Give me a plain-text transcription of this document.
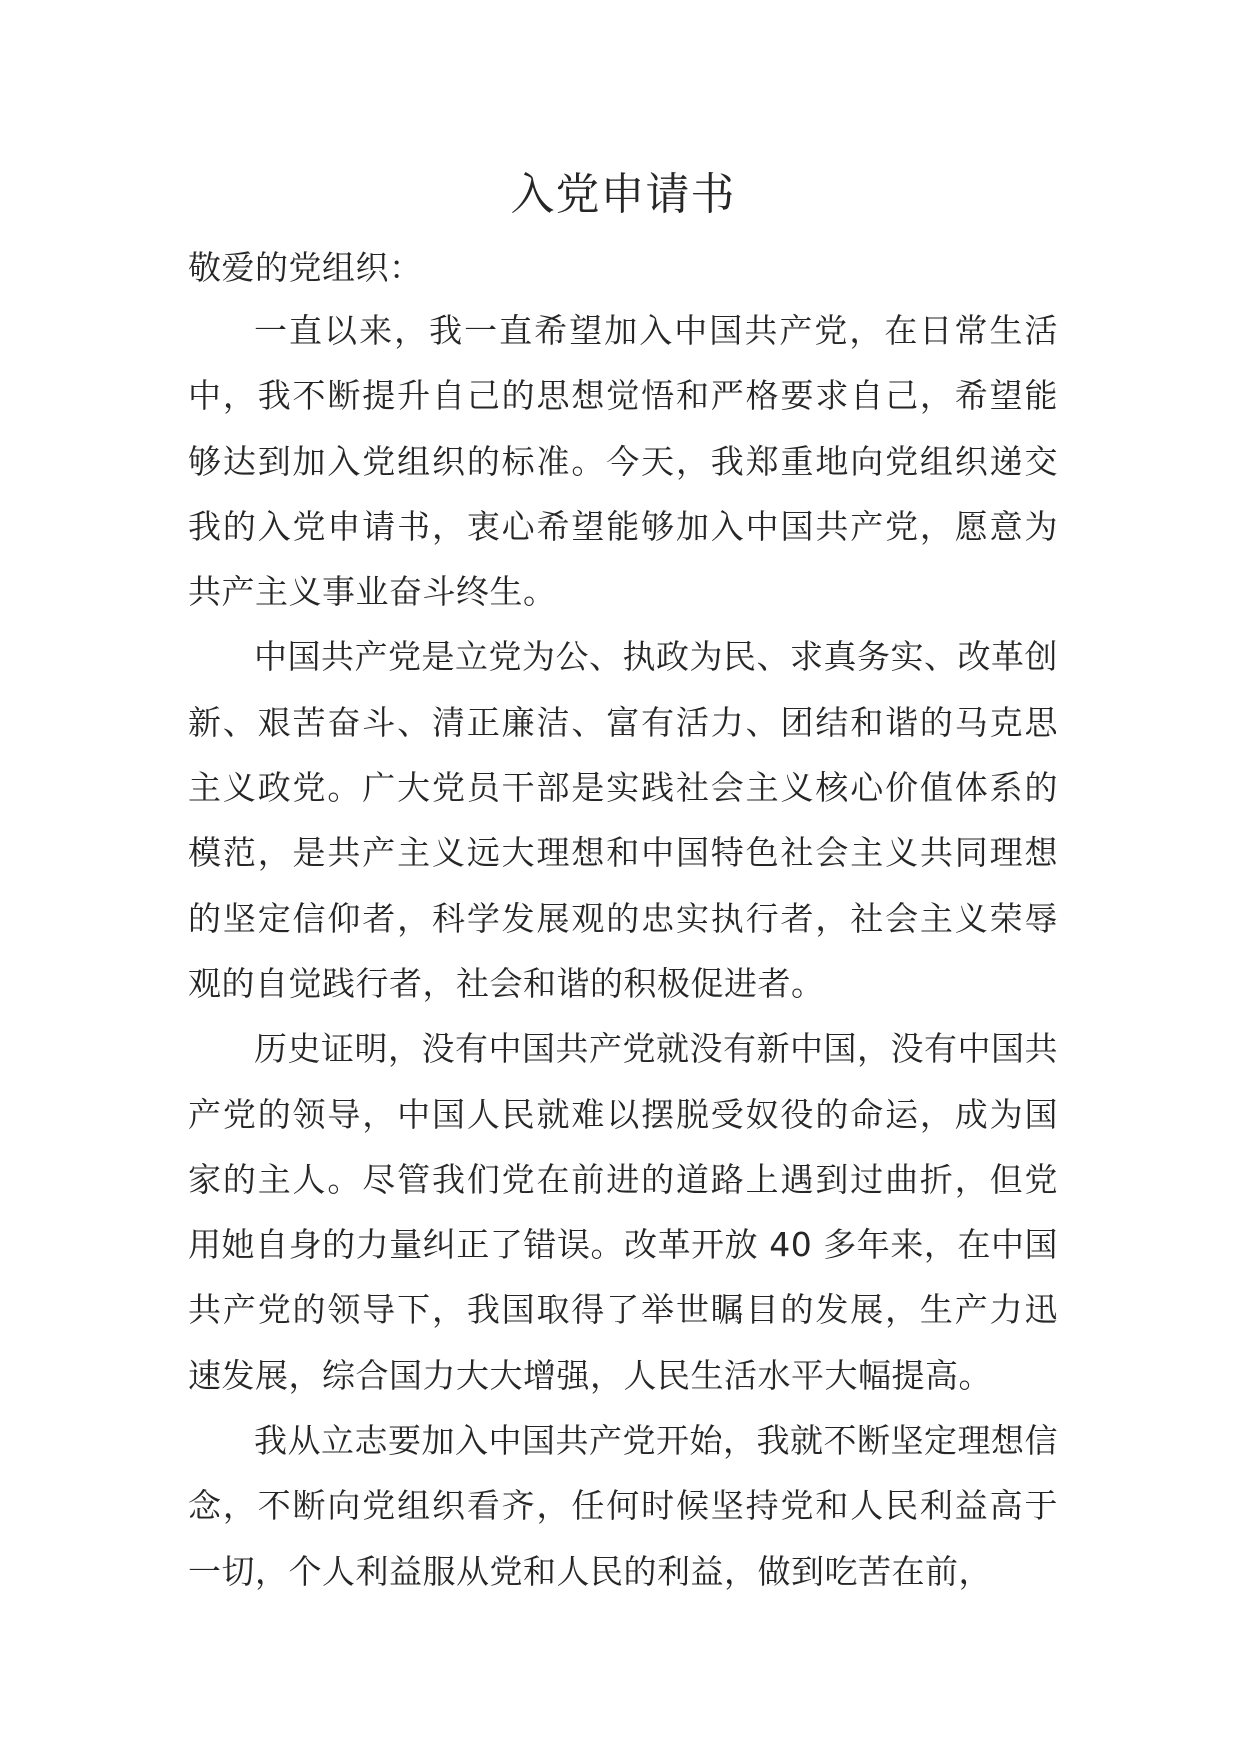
入党申请书

敬爱的党组织：

一直以来，我一直希望加入中国共产党，在日常生活中，我不断提升自己的思想觉悟和严格要求自己，希望能够达到加入党组织的标准。今天，我郑重地向党组织递交我的入党申请书，衷心希望能够加入中国共产党，愿意为共产主义事业奋斗终生。

中国共产党是立党为公、执政为民、求真务实、改革创新、艰苦奋斗、清正廉洁、富有活力、团结和谐的马克思主义政党。广大党员干部是实践社会主义核心价值体系的模范，是共产主义远大理想和中国特色社会主义共同理想的坚定信仰者，科学发展观的忠实执行者，社会主义荣辱观的自觉践行者，社会和谐的积极促进者。

历史证明，没有中国共产党就没有新中国，没有中国共产党的领导，中国人民就难以摆脱受奴役的命运，成为国家的主人。尽管我们党在前进的道路上遇到过曲折，但党用她自身的力量纠正了错误。改革开放 40 多年来，在中国共产党的领导下，我国取得了举世瞩目的发展，生产力迅速发展，综合国力大大增强，人民生活水平大幅提高。

我从立志要加入中国共产党开始，我就不断坚定理想信念，不断向党组织看齐，任何时候坚持党和人民利益高于一切，个人利益服从党和人民的利益，做到吃苦在前，
